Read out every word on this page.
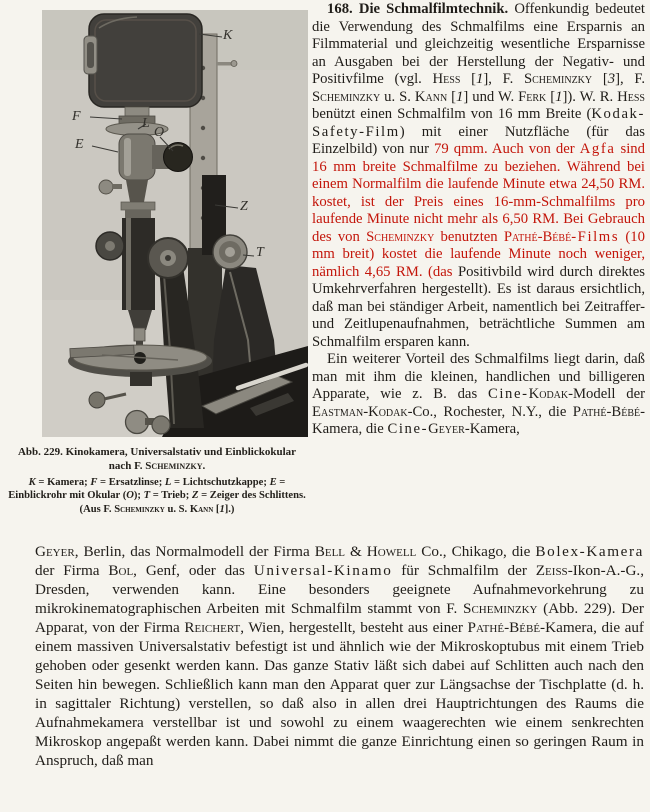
K
F	L
O
E
Z
T
Abb. 229. Kinokamera, Universalstativ und Einblickokular nach F. Scheminzky.
K = Kamera; F = Ersatzlinse; L = Lichtschutzkappe; E = Einblickrohr mit Okular (O); T = Trieb; Z = Zeiger des Schlittens.
(Aus F. Scheminzky u. S. Kann [1].)

168. Die Schmalfilmtechnik. Offenkundig bedeutet die Verwendung des Schmalfilms eine Ersparnis an Filmmaterial und gleichzeitig wesentliche Ersparnisse an Ausgaben bei der Herstellung der Negativ- und Positivfilme (vgl. Hess [1], F. Scheminzky [3], F. Scheminzky u. S. Kann [1] und W. Ferk [1]). W. R. Hess benützt einen Schmalfilm von 16 mm Breite (Kodak-Safety-Film) mit einer Nutzfläche (für das Einzelbild) von nur 79 qmm. Auch von der Agfa sind 16 mm breite Schmalfilme zu beziehen. Während bei einem Normalfilm die laufende Minute etwa 24,50 RM. kostet, ist der Preis eines 16-mm-Schmalfilms pro laufende Minute nicht mehr als 6,50 RM. Bei Gebrauch des von Scheminzky benutzten Pathé-Bébé-Films (10 mm breit) kostet die laufende Minute noch weniger, nämlich 4,65 RM. (das Positivbild wird durch direktes Umkehrverfahren hergestellt). Es ist daraus ersichtlich, daß man bei ständiger Arbeit, namentlich bei Zeitraffer- und Zeitlupenaufnahmen, beträchtliche Summen am Schmalfilm ersparen kann.

Ein weiterer Vorteil des Schmalfilms liegt darin, daß man mit ihm die kleinen, handlichen und billigeren Apparate, wie z. B. das Cine-Kodak-Modell der Eastman-Kodak-Co., Rochester, N.Y., die Pathé-Bébé-Kamera, die Cine-Geyer-Kamera,

Geyer, Berlin, das Normalmodell der Firma Bell & Howell Co., Chikago, die Bolex-Kamera der Firma Bol, Genf, oder das Universal-Kinamo für Schmalfilm der Zeiss-Ikon-A.-G., Dresden, verwenden kann. Eine besonders geeignete Aufnahmevorkehrung zu mikrokinematographischen Arbeiten mit Schmalfilm stammt von F. Scheminzky (Abb. 229). Der Apparat, von der Firma Reichert, Wien, hergestellt, besteht aus einer Pathé-Bébé-Kamera, die auf einem massiven Universalstativ befestigt ist und ähnlich wie der Mikroskoptubus mit einem Trieb gehoben oder gesenkt werden kann. Das ganze Stativ läßt sich dabei auf Schlitten auch nach den Seiten hin bewegen. Schließlich kann man den Apparat quer zur Längsachse der Tischplatte (d. h. in sagittaler Richtung) verstellen, so daß also in allen drei Hauptrichtungen des Raums die Aufnahmekamera verstellbar ist und sowohl zu einem waagerechten wie einem senkrechten Mikroskop angepaßt werden kann. Dabei nimmt die ganze Einrichtung einen so geringen Raum in Anspruch, daß man
